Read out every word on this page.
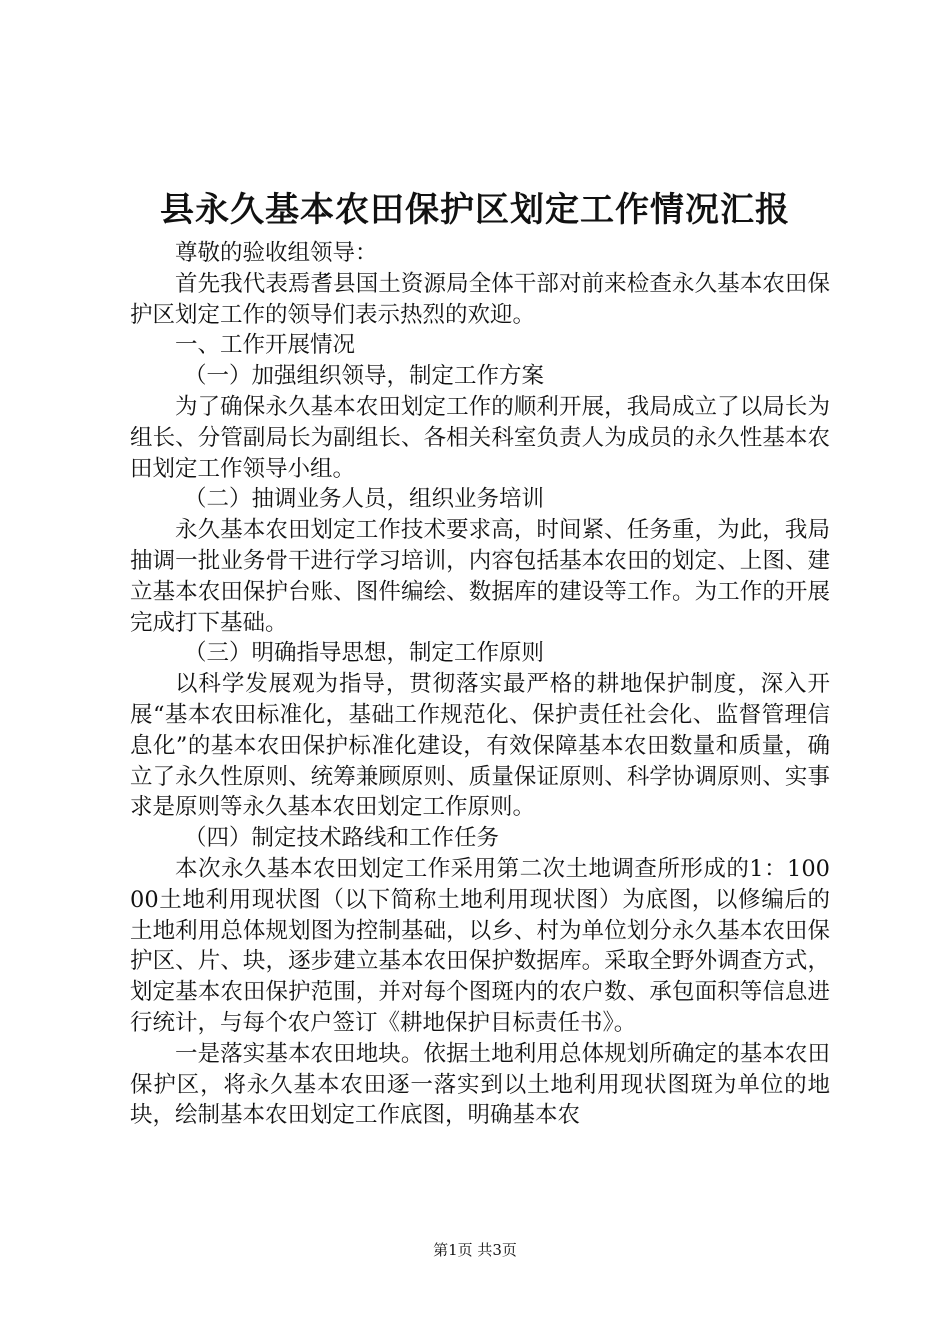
县永久基本农田保护区划定工作情况汇报

尊敬的验收组领导：

首先我代表焉耆县国土资源局全体干部对前来检查永久基本农田保护区划定工作的领导们表示热烈的欢迎。

一、工作开展情况

（一）加强组织领导，制定工作方案

为了确保永久基本农田划定工作的顺利开展，我局成立了以局长为组长、分管副局长为副组长、各相关科室负责人为成员的永久性基本农田划定工作领导小组。

（二）抽调业务人员，组织业务培训

永久基本农田划定工作技术要求高，时间紧、任务重，为此，我局抽调一批业务骨干进行学习培训，内容包括基本农田的划定、上图、建立基本农田保护台账、图件编绘、数据库的建设等工作。为工作的开展完成打下基础。

（三）明确指导思想，制定工作原则

以科学发展观为指导，贯彻落实最严格的耕地保护制度，深入开展“基本农田标准化，基础工作规范化、保护责任社会化、监督管理信息化”的基本农田保护标准化建设，有效保障基本农田数量和质量，确立了永久性原则、统筹兼顾原则、质量保证原则、科学协调原则、实事求是原则等永久基本农田划定工作原则。

（四）制定技术路线和工作任务

本次永久基本农田划定工作采用第二次土地调查所形成的1：10000土地利用现状图（以下简称土地利用现状图）为底图，以修编后的土地利用总体规划图为控制基础，以乡、村为单位划分永久基本农田保护区、片、块，逐步建立基本农田保护数据库。采取全野外调查方式，划定基本农田保护范围，并对每个图斑内的农户数、承包面积等信息进行统计，与每个农户签订《耕地保护目标责任书》。

一是落实基本农田地块。依据土地利用总体规划所确定的基本农田保护区，将永久基本农田逐一落实到以土地利用现状图斑为单位的地块，绘制基本农田划定工作底图，明确基本农

第1页 共3页
